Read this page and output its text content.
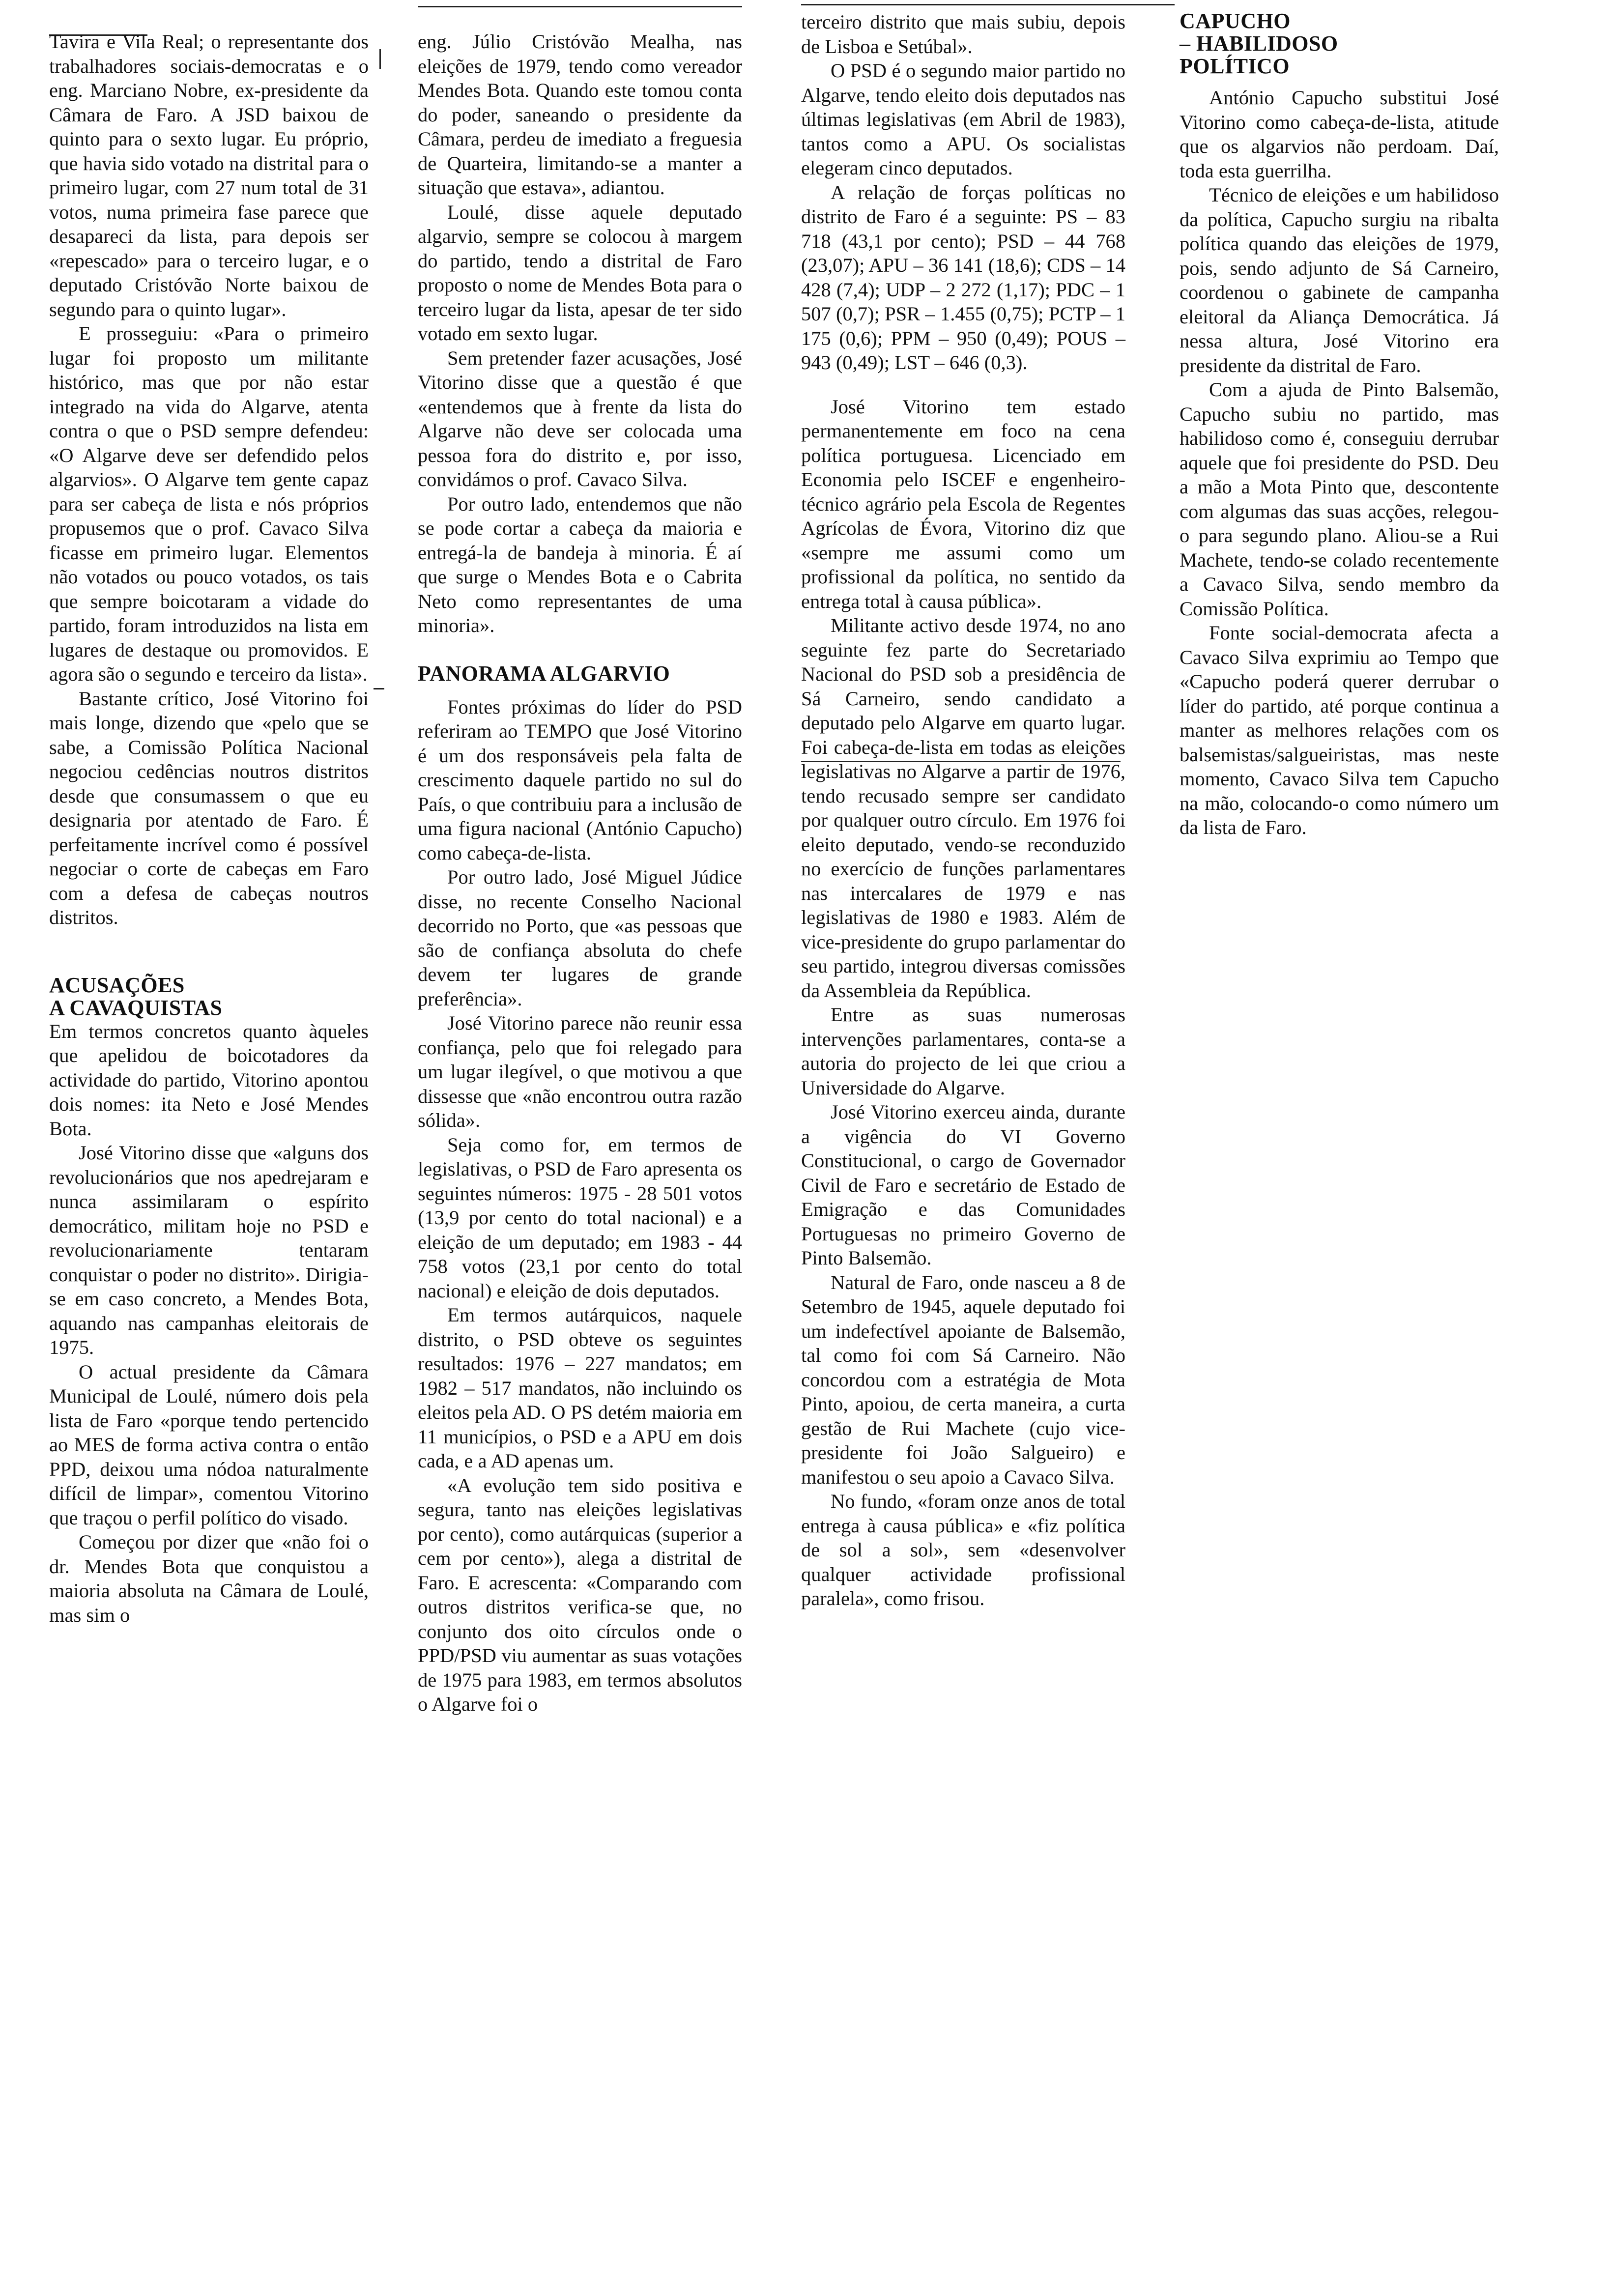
Tavira e Vila Real; o representante dos trabalhadores sociais-democratas e o eng. Marciano Nobre, ex-presidente da Câmara de Faro. A JSD baixou de quinto para o sexto lugar. Eu próprio, que havia sido votado na distrital para o primeiro lugar, com 27 num total de 31 votos, numa primeira fase parece que desapareci da lista, para depois ser «repescado» para o terceiro lugar, e o deputado Cristóvão Norte baixou de segundo para o quinto lugar».

E prosseguiu: «Para o primeiro lugar foi proposto um militante histórico, mas que por não estar integrado na vida do Algarve, atenta contra o que o PSD sempre defendeu: «O Algarve deve ser defendido pelos algarvios». O Algarve tem gente capaz para ser cabeça de lista e nós próprios propusemos que o prof. Cavaco Silva ficasse em primeiro lugar. Elementos não votados ou pouco votados, os tais que sempre boicotaram a vidade do partido, foram introduzidos na lista em lugares de destaque ou promovidos. E agora são o segundo e terceiro da lista».

Bastante crítico, José Vitorino foi mais longe, dizendo que «pelo que se sabe, a Comissão Política Nacional negociou cedências noutros distritos desde que consumassem o que eu designaria por atentado de Faro. É perfeitamente incrível como é possível negociar o corte de cabeças em Faro com a defesa de cabeças noutros distritos.

ACUSAÇÕES
A CAVAQUISTAS

Em termos concretos quanto àqueles que apelidou de boicotadores da actividade do partido, Vitorino apontou dois nomes: ita Neto e José Mendes Bota.

José Vitorino disse que «alguns dos revolucionários que nos apedrejaram e nunca assimilaram o espírito democrático, militam hoje no PSD e revolucionariamente tentaram conquistar o poder no distrito». Dirigia-se em caso concreto, a Mendes Bota, aquando nas campanhas eleitorais de 1975.

O actual presidente da Câmara Municipal de Loulé, número dois pela lista de Faro «porque tendo pertencido ao MES de forma activa contra o então PPD, deixou uma nódoa naturalmente difícil de limpar», comentou Vitorino que traçou o perfil político do visado.

Começou por dizer que «não foi o dr. Mendes Bota que conquistou a maioria absoluta na Câmara de Loulé, mas sim o

eng. Júlio Cristóvão Mealha, nas eleições de 1979, tendo como vereador Mendes Bota. Quando este tomou conta do poder, saneando o presidente da Câmara, perdeu de imediato a freguesia de Quarteira, limitando-se a manter a situação que estava», adiantou.

Loulé, disse aquele deputado algarvio, sempre se colocou à margem do partido, tendo a distrital de Faro proposto o nome de Mendes Bota para o terceiro lugar da lista, apesar de ter sido votado em sexto lugar.

Sem pretender fazer acusações, José Vitorino disse que a questão é que «entendemos que à frente da lista do Algarve não deve ser colocada uma pessoa fora do distrito e, por isso, convidámos o prof. Cavaco Silva.

Por outro lado, entendemos que não se pode cortar a cabeça da maioria e entregá-la de bandeja à minoria. É aí que surge o Mendes Bota e o Cabrita Neto como representantes de uma minoria».

PANORAMA ALGARVIO

Fontes próximas do líder do PSD referiram ao TEMPO que José Vitorino é um dos responsáveis pela falta de crescimento daquele partido no sul do País, o que contribuiu para a inclusão de uma figura nacional (António Capucho) como cabeça-de-lista.

Por outro lado, José Miguel Júdice disse, no recente Conselho Nacional decorrido no Porto, que «as pessoas que são de confiança absoluta do chefe devem ter lugares de grande preferência».

José Vitorino parece não reunir essa confiança, pelo que foi relegado para um lugar ilegível, o que motivou a que dissesse que «não encontrou outra razão sólida».

Seja como for, em termos de legislativas, o PSD de Faro apresenta os seguintes números: 1975 - 28 501 votos (13,9 por cento do total nacional) e a eleição de um deputado; em 1983 - 44 758 votos (23,1 por cento do total nacional) e eleição de dois deputados.

Em termos autárquicos, naquele distrito, o PSD obteve os seguintes resultados: 1976 – 227 mandatos; em 1982 – 517 mandatos, não incluindo os eleitos pela AD. O PS detém maioria em 11 municípios, o PSD e a APU em dois cada, e a AD apenas um.

«A evolução tem sido positiva e segura, tanto nas eleições legislativas por cento), como autárquicas (superior a cem por cento»), alega a distrital de Faro. E acrescenta: «Comparando com outros distritos verifica-se que, no conjunto dos oito círculos onde o PPD/PSD viu aumentar as suas votações de 1975 para 1983, em termos absolutos o Algarve foi o

terceiro distrito que mais subiu, depois de Lisboa e Setúbal».

O PSD é o segundo maior partido no Algarve, tendo eleito dois deputados nas últimas legislativas (em Abril de 1983), tantos como a APU. Os socialistas elegeram cinco deputados.

A relação de forças políticas no distrito de Faro é a seguinte: PS – 83 718 (43,1 por cento); PSD – 44 768 (23,07); APU – 36 141 (18,6); CDS – 14 428 (7,4); UDP – 2 272 (1,17); PDC – 1 507 (0,7); PSR – 1.455 (0,75); PCTP – 1 175 (0,6); PPM – 950 (0,49); POUS – 943 (0,49); LST – 646 (0,3).

José Vitorino tem estado permanentemente em foco na cena política portuguesa. Licenciado em Economia pelo ISCEF e engenheiro-técnico agrário pela Escola de Regentes Agrícolas de Évora, Vitorino diz que «sempre me assumi como um profissional da política, no sentido da entrega total à causa pública».

Militante activo desde 1974, no ano seguinte fez parte do Secretariado Nacional do PSD sob a presidência de Sá Carneiro, sendo candidato a deputado pelo Algarve em quarto lugar. Foi cabeça-de-lista em todas as eleições legislativas no Algarve a partir de 1976, tendo recusado sempre ser candidato por qualquer outro círculo. Em 1976 foi eleito deputado, vendo-se reconduzido no exercício de funções parlamentares nas intercalares de 1979 e nas legislativas de 1980 e 1983. Além de vice-presidente do grupo parlamentar do seu partido, integrou diversas comissões da Assembleia da República.

Entre as suas numerosas intervenções parlamentares, conta-se a autoria do projecto de lei que criou a Universidade do Algarve.

José Vitorino exerceu ainda, durante a vigência do VI Governo Constitucional, o cargo de Governador Civil de Faro e secretário de Estado de Emigração e das Comunidades Portuguesas no primeiro Governo de Pinto Balsemão.

Natural de Faro, onde nasceu a 8 de Setembro de 1945, aquele deputado foi um indefectível apoiante de Balsemão, tal como foi com Sá Carneiro. Não concordou com a estratégia de Mota Pinto, apoiou, de certa maneira, a curta gestão de Rui Machete (cujo vice-presidente foi João Salgueiro) e manifestou o seu apoio a Cavaco Silva.

No fundo, «foram onze anos de total entrega à causa pública» e «fiz política de sol a sol», sem «desenvolver qualquer actividade profissional paralela», como frisou.

CAPUCHO
– HABILIDOSO
POLÍTICO

António Capucho substitui José Vitorino como cabeça-de-lista, atitude que os algarvios não perdoam. Daí, toda esta guerrilha.

Técnico de eleições e um habilidoso da política, Capucho surgiu na ribalta política quando das eleições de 1979, pois, sendo adjunto de Sá Carneiro, coordenou o gabinete de campanha eleitoral da Aliança Democrática. Já nessa altura, José Vitorino era presidente da distrital de Faro.

Com a ajuda de Pinto Balsemão, Capucho subiu no partido, mas habilidoso como é, conseguiu derrubar aquele que foi presidente do PSD. Deu a mão a Mota Pinto que, descontente com algumas das suas acções, relegou-o para segundo plano. Aliou-se a Rui Machete, tendo-se colado recentemente a Cavaco Silva, sendo membro da Comissão Política.

Fonte social-democrata afecta a Cavaco Silva exprimiu ao Tempo que «Capucho poderá querer derrubar o líder do partido, até porque continua a manter as melhores relações com os balsemistas/salgueiristas, mas neste momento, Cavaco Silva tem Capucho na mão, colocando-o como número um da lista de Faro.
